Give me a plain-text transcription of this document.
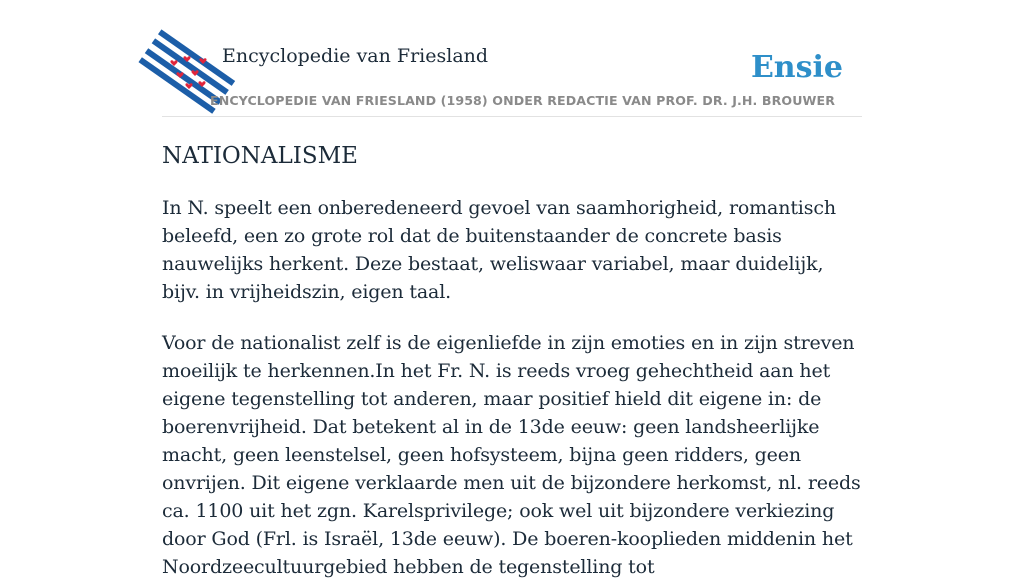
Encyclopedie van Friesland	Ensie
ENCYCLOPEDIE VAN FRIESLAND (1958) ONDER REDACTIE VAN PROF. DR. J.H. BROUWER
NATIONALISME

In N. speelt een onberedeneerd gevoel van saamhorigheid, romantisch beleefd, een zo grote rol dat de buitenstaander de concrete basis nauwelijks herkent. Deze bestaat, weliswaar variabel, maar duidelijk, bijv. in vrijheidszin, eigen taal.

Voor de nationalist zelf is de eigenliefde in zijn emoties en in zijn streven moeilijk te herkennen.In het Fr. N. is reeds vroeg gehechtheid aan het eigene tegenstelling tot anderen, maar positief hield dit eigene in: de boerenvrijheid. Dat betekent al in de 13de eeuw: geen landsheerlijke macht, geen leenstelsel, geen hofsysteem, bijna geen ridders, geen onvrijen. Dit eigene verklaarde men uit de bijzondere herkomst, nl. reeds ca. 1100 uit het zgn. Karelsprivilege; ook wel uit bijzondere verkiezing door God (Frl. is Israël, 13de eeuw). De boeren-kooplieden middenin het Noordzeecultuurgebied hebben de tegenstelling tot
